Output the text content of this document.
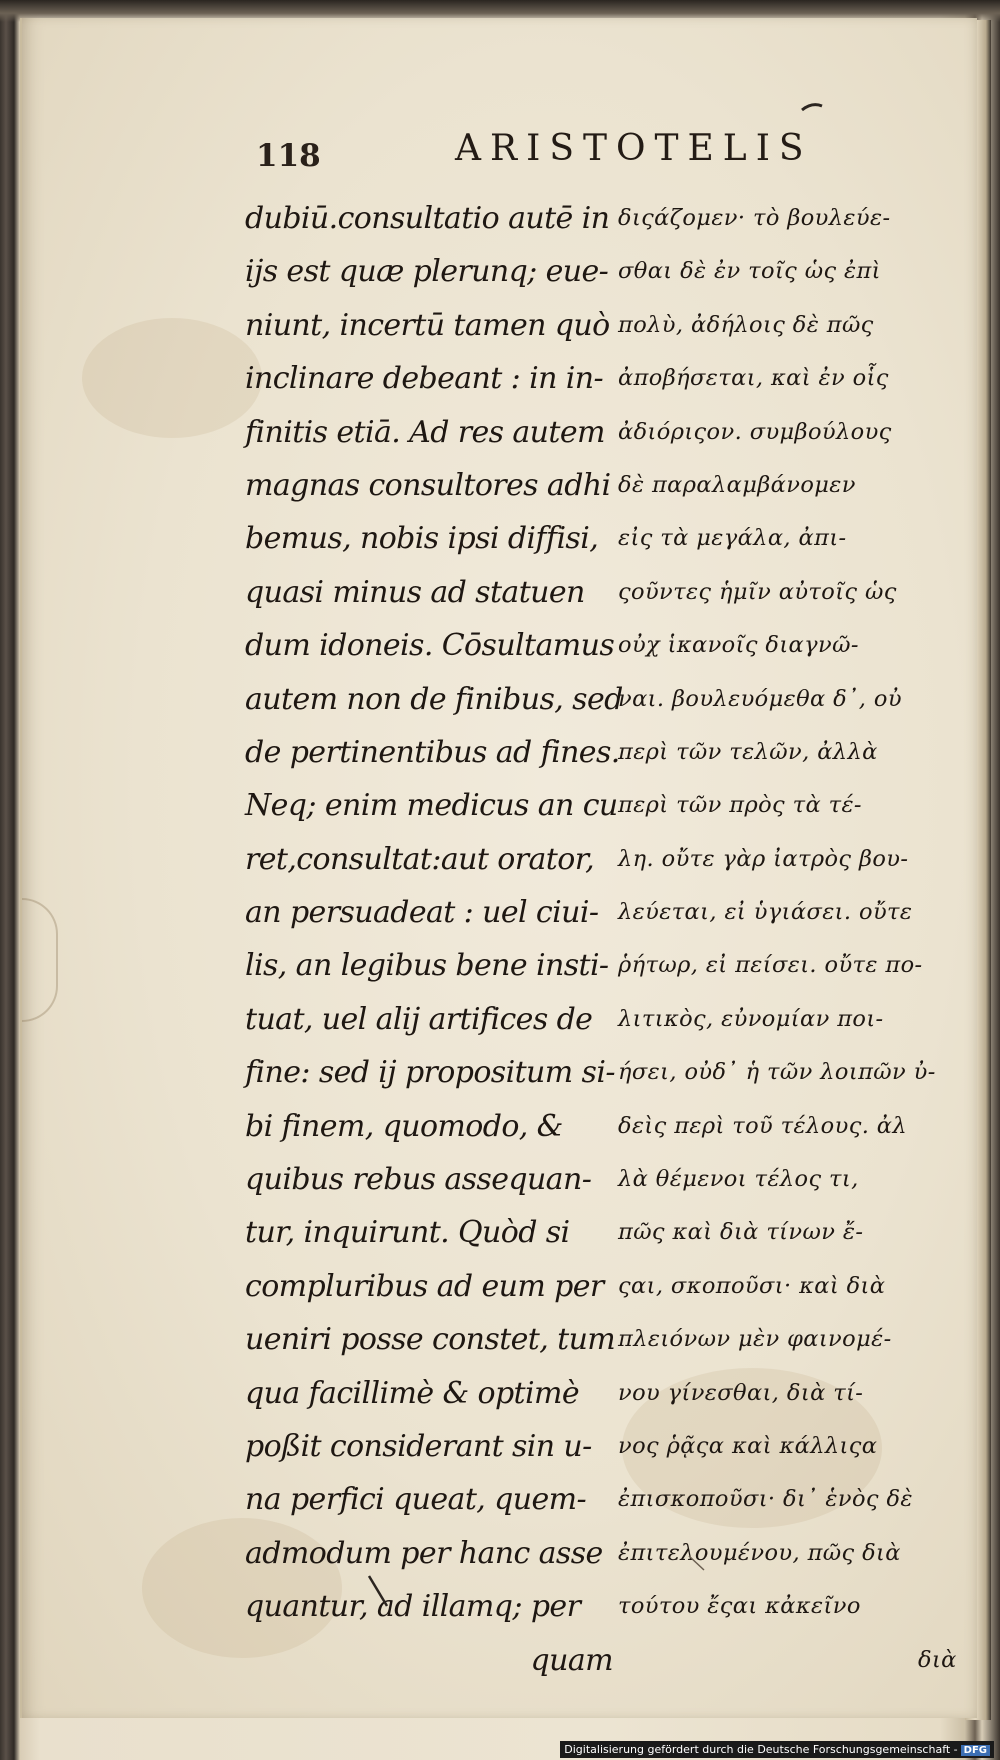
118	ARISTOTELIS
dubiū.consultatio autē in
ijs est quæ plerunq; eue-
niunt, incertū tamen quò
inclinare debeant : in in-
finitis etiā. Ad res autem
magnas consultores adhi
bemus, nobis ipsi diffisi,
quasi minus ad statuen
dum idoneis. Cōsultamus
autem non de finibus, sed
de pertinentibus ad fines.
Neq; enim medicus an cu
ret,consultat:aut orator,
an persuadeat : uel ciui-
lis, an legibus bene insti-
tuat, uel alij artifices de
fine: sed ij propositum si-
bi finem, quomodo, &
quibus rebus assequan-
tur, inquirunt. Quòd si
compluribus ad eum per
ueniri posse constet, tum
qua facillimè & optimè
poßit considerant sin u-
na perfici queat, quem-
admodum per hanc asse
quantur, ad illamq; per
quam
διςάζομεν· τὸ βουλεύε-
σθαι δὲ ἐν τοῖς ὡς ἐπὶ
πολὺ, ἀδήλοις δὲ πῶς
ἀποβήσεται, καὶ ἐν οἷς
ἀδιόριςον. συμβούλους
δὲ παραλαμβάνομεν
εἰς τὰ μεγάλα, ἀπι-
ςοῦντες ἡμῖν αὐτοῖς ὡς
οὐχ ἱκανοῖς διαγνῶ-
ναι. βουλευόμεθα δ᾽, οὐ
περὶ τῶν τελῶν, ἀλλὰ
περὶ τῶν πρὸς τὰ τέ-
λη. οὔτε γὰρ ἰατρὸς βου-
λεύεται, εἰ ὑγιάσει. οὔτε
ῥήτωρ, εἰ πείσει. οὔτε πο-
λιτικὸς, εὐνομίαν ποι-
ήσει, οὐδ᾽ ἡ τῶν λοιπῶν ὐ-
δεὶς περὶ τοῦ τέλους. ἀλ
λὰ θέμενοι τέλος τι,
πῶς καὶ διὰ τίνων ἔ-
ςαι, σκοποῦσι· καὶ διὰ
πλειόνων μὲν φαινομέ-
νου γίνεσθαι, διὰ τί-
νος ῥᾷςα καὶ κάλλιςα
ἐπισκοποῦσι· δι᾽ ἑνὸς δὲ
ἐπιτελουμένου, πῶς διὰ
τούτου ἔςαι κἀκεῖνο
διὰ
Digitalisierung gefördert durch die Deutsche Forschungsgemeinschaft - DFG
